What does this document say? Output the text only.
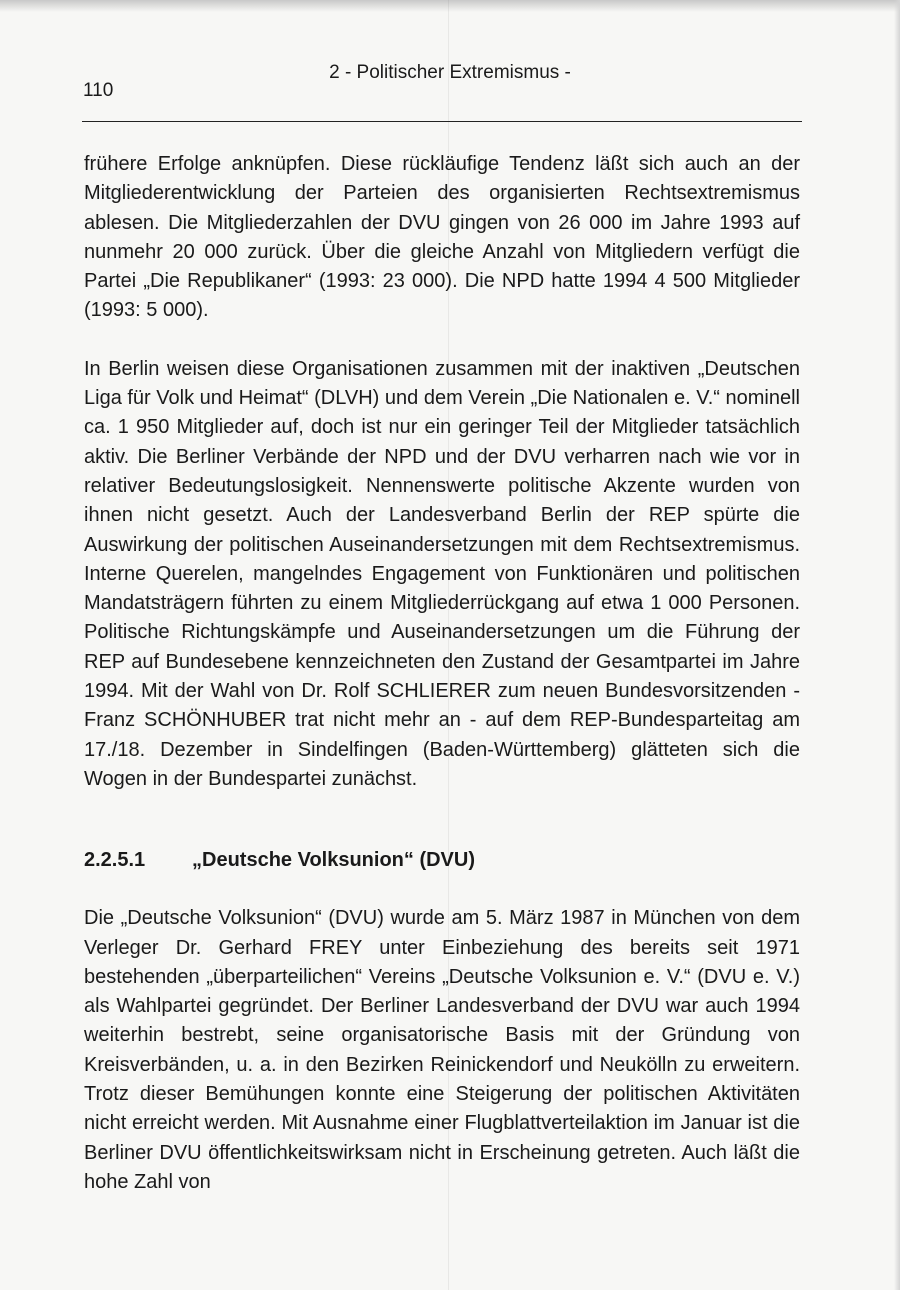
2 - Politischer Extremismus -

110

frühere Erfolge anknüpfen. Diese rückläufige Tendenz läßt sich auch an der Mitgliederentwicklung der Parteien des organisierten Rechtsextremismus ablesen. Die Mitgliederzahlen der DVU gingen von 26 000 im Jahre 1993 auf nunmehr 20 000 zurück. Über die gleiche Anzahl von Mitgliedern verfügt die Partei „Die Republikaner“ (1993: 23 000). Die NPD hatte 1994 4 500 Mitglieder (1993: 5 000).

In Berlin weisen diese Organisationen zusammen mit der inaktiven „Deutschen Liga für Volk und Heimat“ (DLVH) und dem Verein „Die Nationalen e. V.“ nominell ca. 1 950 Mitglieder auf, doch ist nur ein geringer Teil der Mitglieder tatsächlich aktiv. Die Berliner Verbände der NPD und der DVU verharren nach wie vor in relativer Bedeutungslosigkeit. Nennenswerte politische Akzente wurden von ihnen nicht gesetzt. Auch der Landesverband Berlin der REP spürte die Auswirkung der politischen Auseinandersetzungen mit dem Rechtsextremismus. Interne Querelen, mangelndes Engagement von Funktionären und politischen Mandatsträgern führten zu einem Mitgliederrückgang auf etwa 1 000 Personen. Politische Richtungskämpfe und Auseinandersetzungen um die Führung der REP auf Bundesebene kennzeichneten den Zustand der Gesamtpartei im Jahre 1994. Mit der Wahl von Dr. Rolf SCHLIERER zum neuen Bundesvorsitzenden - Franz SCHÖNHUBER trat nicht mehr an - auf dem REP-Bundesparteitag am 17./18. Dezember in Sindelfingen (Baden-Württemberg) glätteten sich die Wogen in der Bundespartei zunächst.

2.2.5.1	„Deutsche Volksunion“ (DVU)

Die „Deutsche Volksunion“ (DVU) wurde am 5. März 1987 in München von dem Verleger Dr. Gerhard FREY unter Einbeziehung des bereits seit 1971 bestehenden „überparteilichen“ Vereins „Deutsche Volksunion e. V.“ (DVU e. V.) als Wahlpartei gegründet. Der Berliner Landesverband der DVU war auch 1994 weiterhin bestrebt, seine organisatorische Basis mit der Gründung von Kreisverbänden, u. a. in den Bezirken Reinickendorf und Neukölln zu erweitern. Trotz dieser Bemühungen konnte eine Steigerung der politischen Aktivitäten nicht erreicht werden. Mit Ausnahme einer Flugblattverteilaktion im Januar ist die Berliner DVU öffentlichkeitswirksam nicht in Erscheinung getreten. Auch läßt die hohe Zahl von
